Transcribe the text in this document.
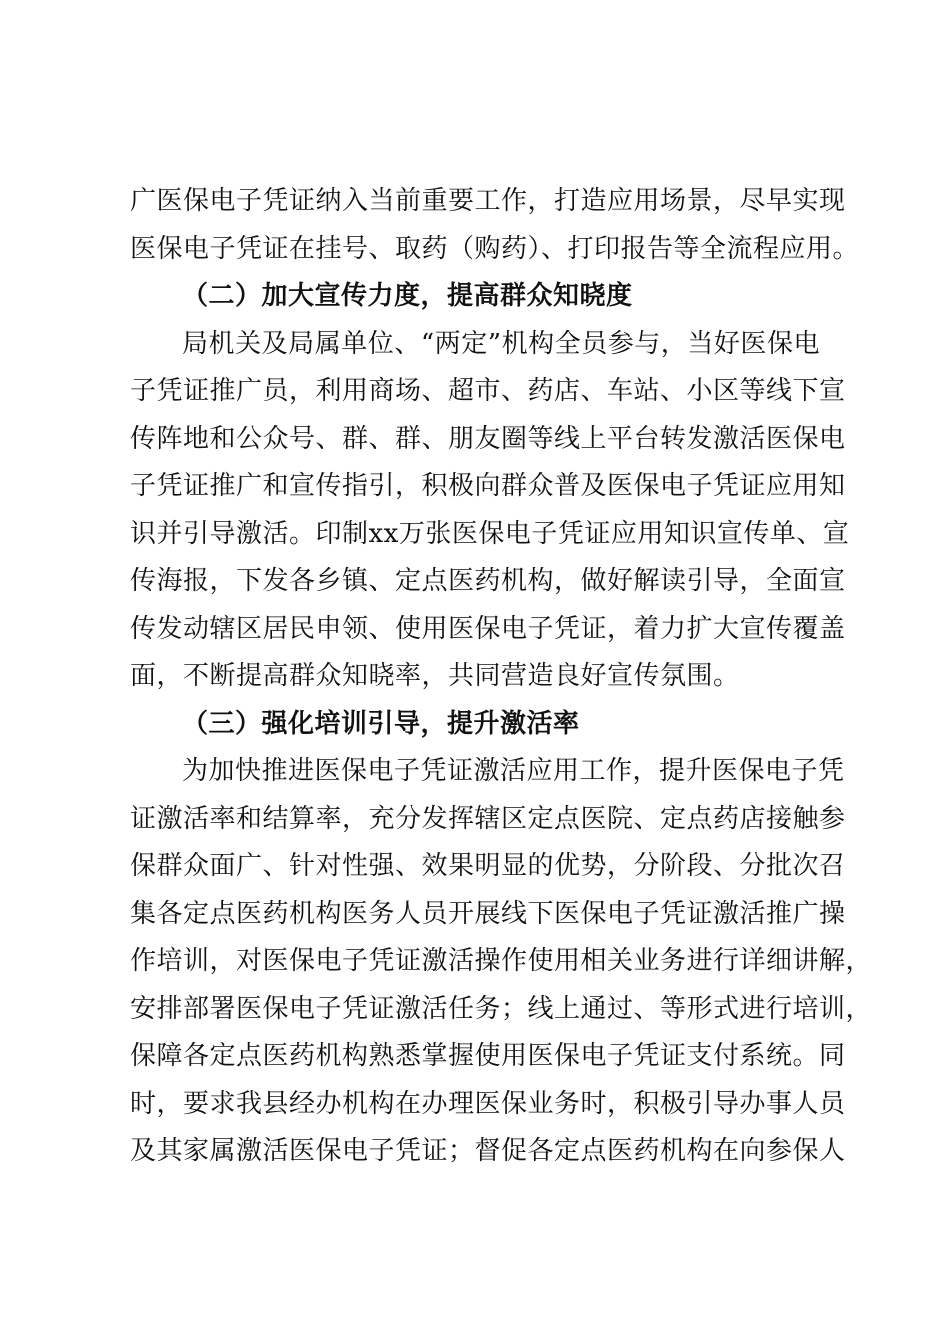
广医保电子凭证纳入当前重要工作，打造应用场景，尽早实现
医保电子凭证在挂号、取药（购药）、打印报告等全流程应用。

（二）加大宣传力度，提高群众知晓度

局机关及局属单位、“两定”机构全员参与，当好医保电
子凭证推广员，利用商场、超市、药店、车站、小区等线下宣
传阵地和公众号、群、群、朋友圈等线上平台转发激活医保电
子凭证推广和宣传指引，积极向群众普及医保电子凭证应用知
识并引导激活。印制xx万张医保电子凭证应用知识宣传单、宣
传海报，下发各乡镇、定点医药机构，做好解读引导，全面宣
传发动辖区居民申领、使用医保电子凭证，着力扩大宣传覆盖
面，不断提高群众知晓率，共同营造良好宣传氛围。

（三）强化培训引导，提升激活率

为加快推进医保电子凭证激活应用工作，提升医保电子凭
证激活率和结算率，充分发挥辖区定点医院、定点药店接触参
保群众面广、针对性强、效果明显的优势，分阶段、分批次召
集各定点医药机构医务人员开展线下医保电子凭证激活推广操
作培训，对医保电子凭证激活操作使用相关业务进行详细讲解，
安排部署医保电子凭证激活任务；线上通过、等形式进行培训，
保障各定点医药机构熟悉掌握使用医保电子凭证支付系统。同
时，要求我县经办机构在办理医保业务时，积极引导办事人员
及其家属激活医保电子凭证；督促各定点医药机构在向参保人
